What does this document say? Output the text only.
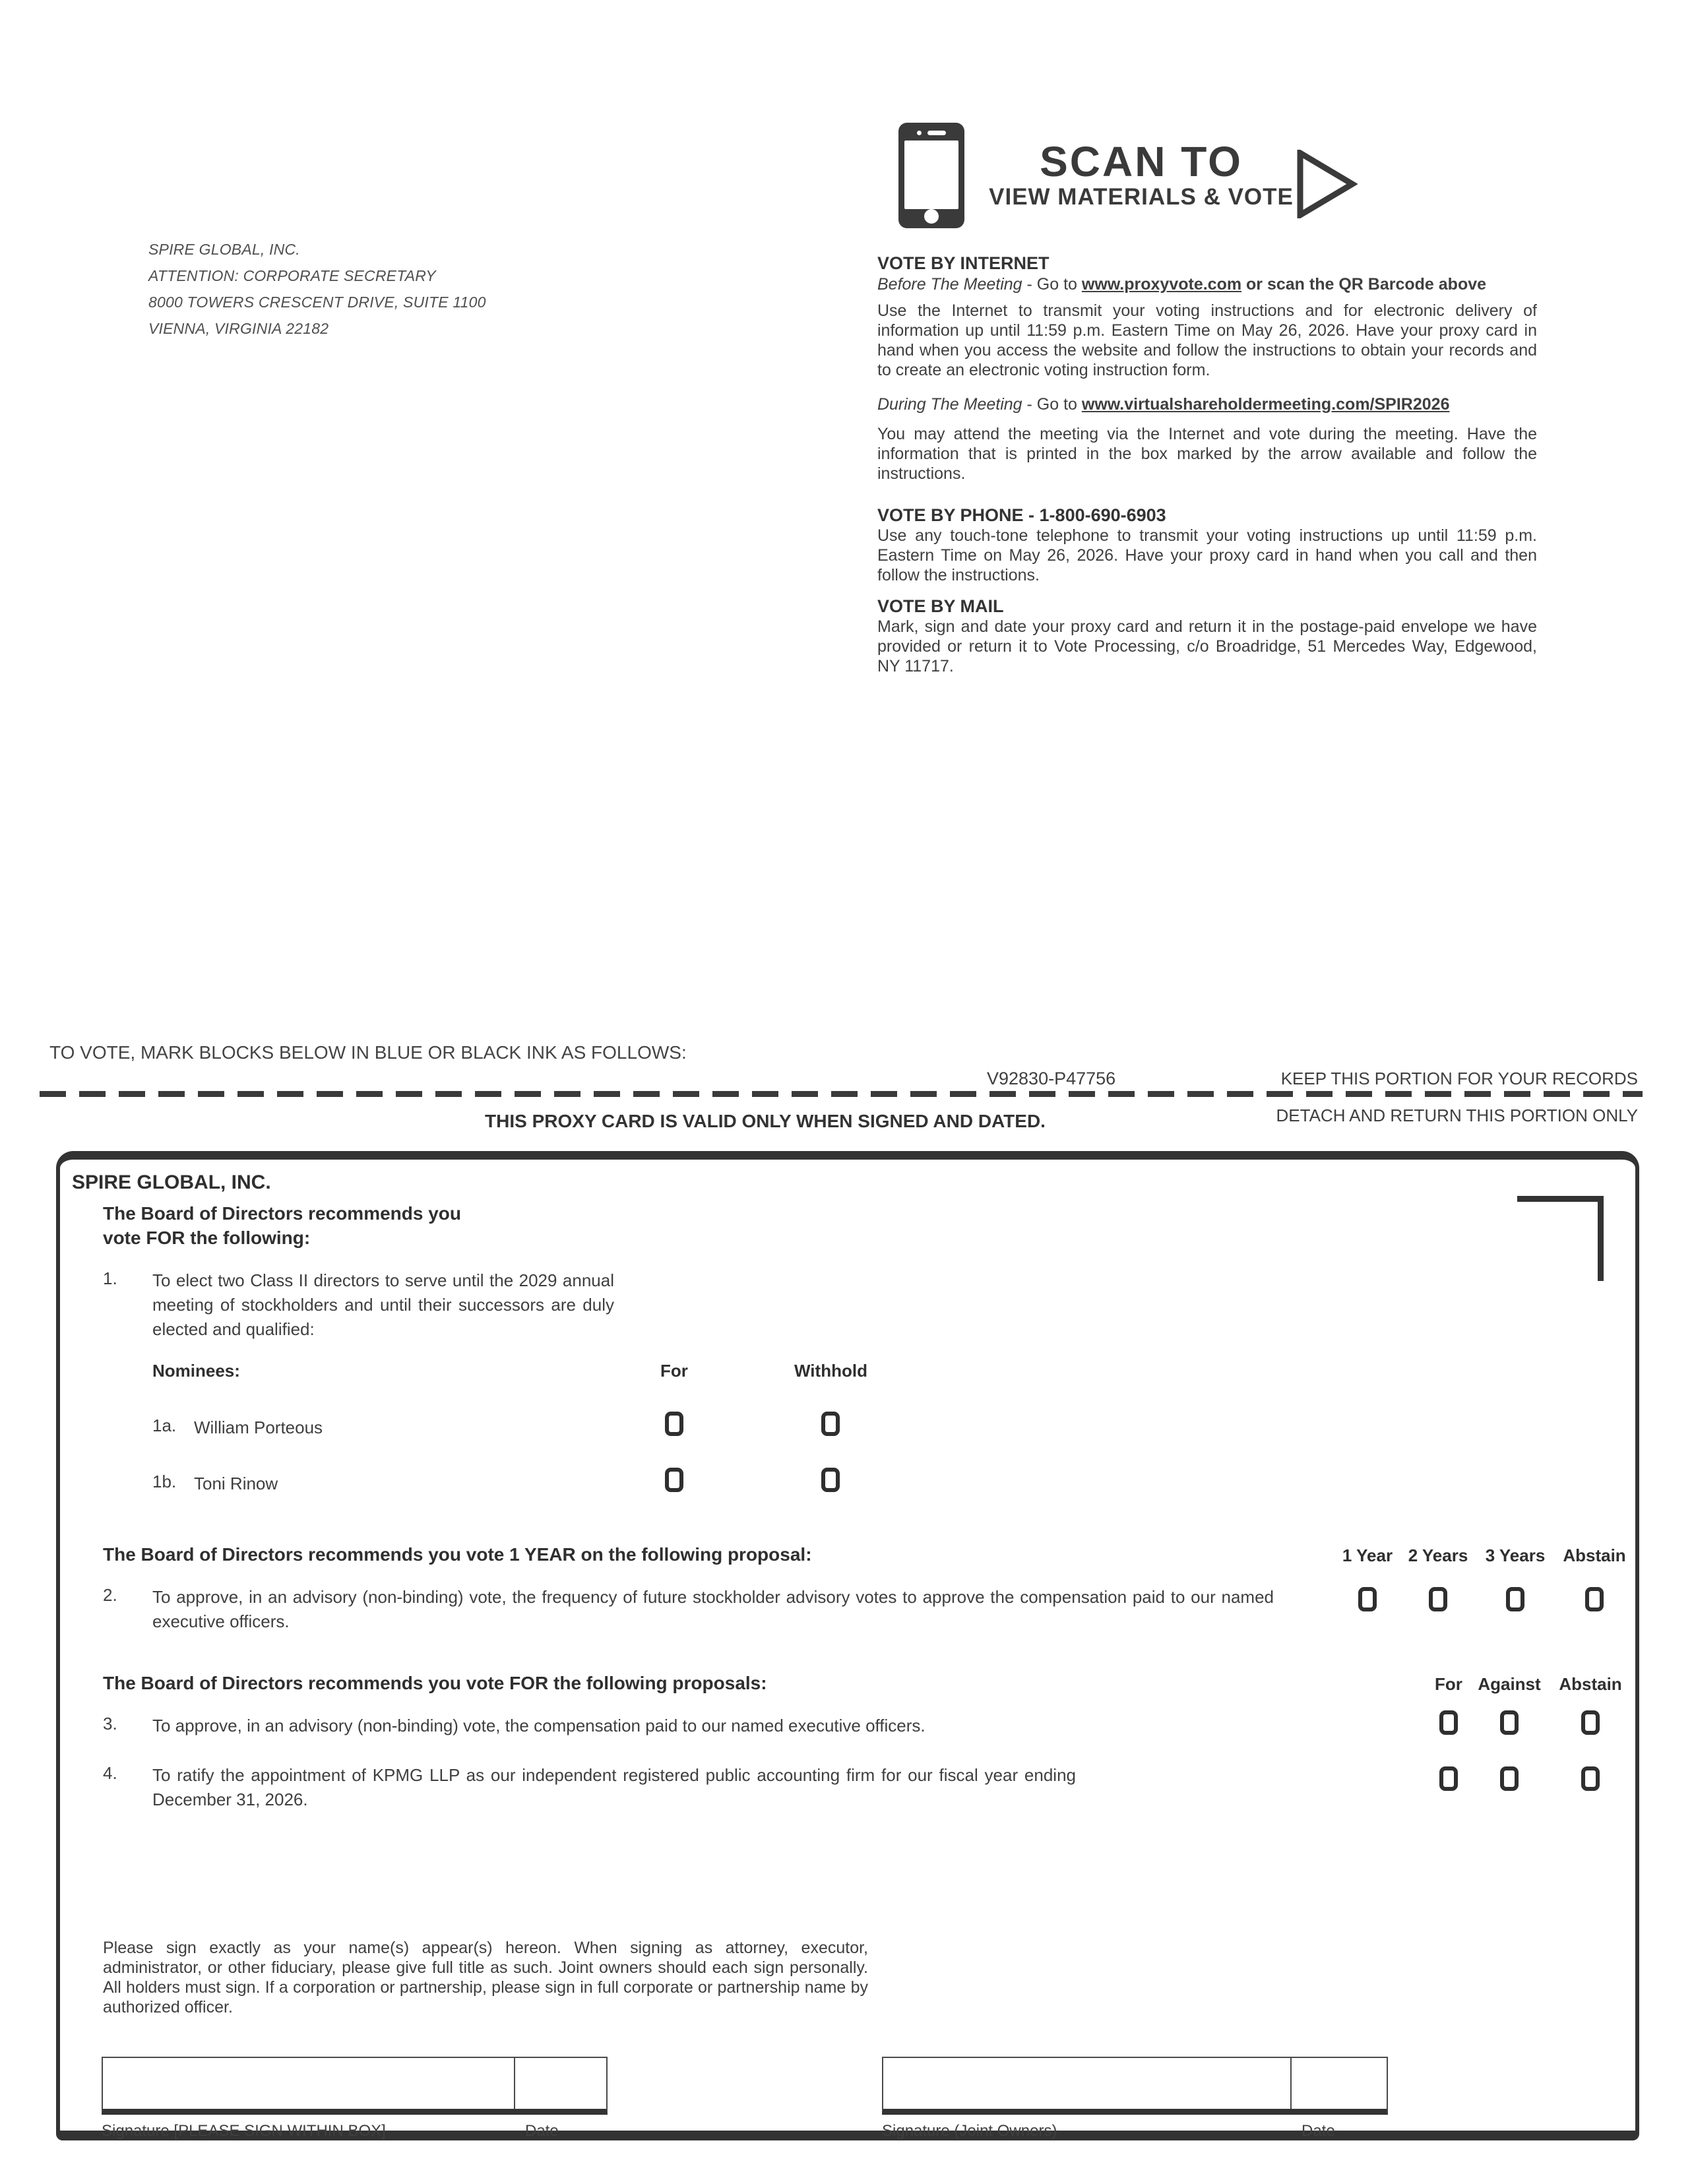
SPIRE GLOBAL, INC.
ATTENTION: CORPORATE SECRETARY
8000 TOWERS CRESCENT DRIVE, SUITE 1100
VIENNA, VIRGINIA 22182
SCAN TO
VIEW MATERIALS & VOTE
VOTE BY INTERNET
Before The Meeting - Go to www.proxyvote.com or scan the QR Barcode above
Use the Internet to transmit your voting instructions and for electronic delivery of information up until 11:59 p.m. Eastern Time on May 26, 2026. Have your proxy card in hand when you access the website and follow the instructions to obtain your records and to create an electronic voting instruction form.
During The Meeting - Go to www.virtualshareholdermeeting.com/SPIR2026
You may attend the meeting via the Internet and vote during the meeting. Have the information that is printed in the box marked by the arrow available and follow the instructions.
VOTE BY PHONE - 1-800-690-6903
Use any touch-tone telephone to transmit your voting instructions up until 11:59 p.m. Eastern Time on May 26, 2026. Have your proxy card in hand when you call and then follow the instructions.
VOTE BY MAIL
Mark, sign and date your proxy card and return it in the postage-paid envelope we have provided or return it to Vote Processing, c/o Broadridge, 51 Mercedes Way, Edgewood, NY 11717.
TO VOTE, MARK BLOCKS BELOW IN BLUE OR BLACK INK AS FOLLOWS:
V92830-P47756	KEEP THIS PORTION FOR YOUR RECORDS
THIS PROXY CARD IS VALID ONLY WHEN SIGNED AND DATED.	DETACH AND RETURN THIS PORTION ONLY
SPIRE GLOBAL, INC.
The Board of Directors recommends you vote FOR the following:
1. To elect two Class II directors to serve until the 2029 annual meeting of stockholders and until their successors are duly elected and qualified:
Nominees:	For	Withhold
1a. William Porteous
1b. Toni Rinow
The Board of Directors recommends you vote 1 YEAR on the following proposal:	1 Year 2 Years	3 Years	Abstain
2. To approve, in an advisory (non-binding) vote, the frequency of future stockholder advisory votes to approve the compensation paid to our named executive officers.
The Board of Directors recommends you vote FOR the following proposals:	For Against Abstain
3. To approve, in an advisory (non-binding) vote, the compensation paid to our named executive officers.
4. To ratify the appointment of KPMG LLP as our independent registered public accounting firm for our fiscal year ending December 31, 2026.
Please sign exactly as your name(s) appear(s) hereon. When signing as attorney, executor, administrator, or other fiduciary, please give full title as such. Joint owners should each sign personally. All holders must sign. If a corporation or partnership, please sign in full corporate or partnership name by authorized officer.
Signature [PLEASE SIGN WITHIN BOX]	Date	Signature (Joint Owners)	Date
